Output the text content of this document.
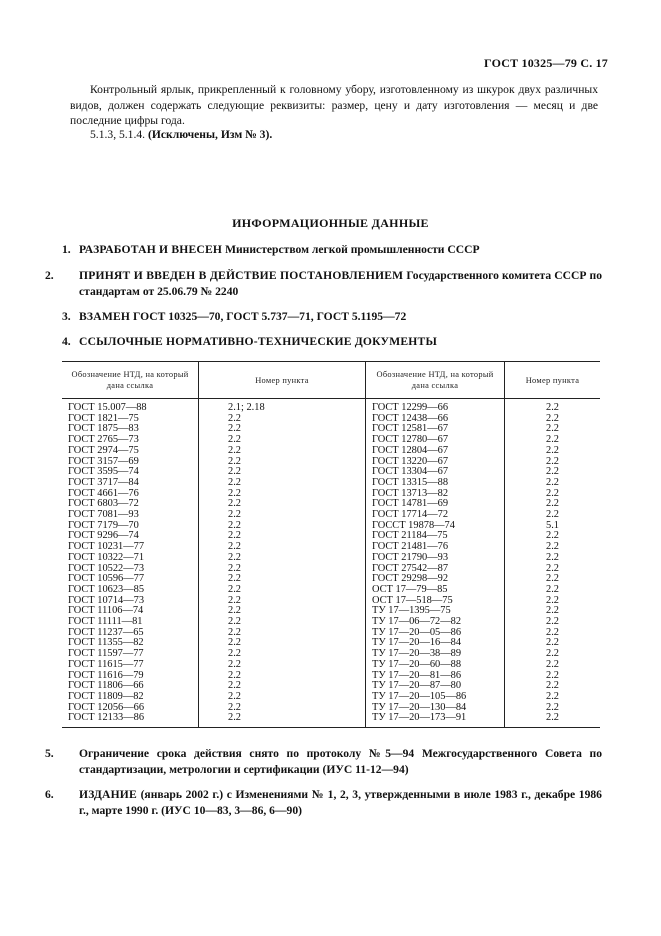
ГОСТ 10325—79 С. 17
Контрольный ярлык, прикрепленный к головному убору, изготовленному из шкурок двух различных видов, должен содержать следующие реквизиты: размер, цену и дату изготовления — месяц и две последние цифры года.
5.1.3, 5.1.4. (Исключены, Изм № 3).
ИНФОРМАЦИОННЫЕ ДАННЫЕ
1. РАЗРАБОТАН И ВНЕСЕН Министерством легкой промышленности СССР
2. ПРИНЯТ И ВВЕДЕН В ДЕЙСТВИЕ ПОСТАНОВЛЕНИЕМ Государственного комитета СССР по стандартам от 25.06.79 № 2240
3. ВЗАМЕН ГОСТ 10325—70, ГОСТ 5.737—71, ГОСТ 5.1195—72
4. ССЫЛОЧНЫЕ НОРМАТИВНО-ТЕХНИЧЕСКИЕ ДОКУМЕНТЫ
Обозначение НТД, на который дана ссылка	Номер пункта	Обозначение НТД, на который дана ссылка	Номер пункта
ГОСТ 15.007—88	2.1; 2.18	ГОСТ 12299—66	2.2
ГОСТ 1821—75	2.2	ГОСТ 12438—66	2.2
ГОСТ 1875—83	2.2	ГОСТ 12581—67	2.2
ГОСТ 2765—73	2.2	ГОСТ 12780—67	2.2
ГОСТ 2974—75	2.2	ГОСТ 12804—67	2.2
ГОСТ 3157—69	2.2	ГОСТ 13220—67	2.2
ГОСТ 3595—74	2.2	ГОСТ 13304—67	2.2
ГОСТ 3717—84	2.2	ГОСТ 13315—88	2.2
ГОСТ 4661—76	2.2	ГОСТ 13713—82	2.2
ГОСТ 6803—72	2.2	ГОСТ 14781—69	2.2
ГОСТ 7081—93	2.2	ГОСТ 17714—72	2.2
ГОСТ 7179—70	2.2	ГОССТ 19878—74	5.1
ГОСТ 9296—74	2.2	ГОСТ 21184—75	2.2
ГОСТ 10231—77	2.2	ГОСТ 21481—76	2.2
ГОСТ 10322—71	2.2	ГОСТ 21790—93	2.2
ГОСТ 10522—73	2.2	ГОСТ 27542—87	2.2
ГОСТ 10596—77	2.2	ГОСТ 29298—92	2.2
ГОСТ 10623—85	2.2	ОСТ 17—79—85	2.2
ГОСТ 10714—73	2.2	ОСТ 17—518—75	2.2
ГОСТ 11106—74	2.2	ТУ 17—1395—75	2.2
ГОСТ 11111—81	2.2	ТУ 17—06—72—82	2.2
ГОСТ 11237—65	2.2	ТУ 17—20—05—86	2.2
ГОСТ 11355—82	2.2	ТУ 17—20—16—84	2.2
ГОСТ 11597—77	2.2	ТУ 17—20—38—89	2.2
ГОСТ 11615—77	2.2	ТУ 17—20—60—88	2.2
ГОСТ 11616—79	2.2	ТУ 17—20—81—86	2.2
ГОСТ 11806—66	2.2	ТУ 17—20—87—80	2.2
ГОСТ 11809—82	2.2	ТУ 17—20—105—86	2.2
ГОСТ 12056—66	2.2	ТУ 17—20—130—84	2.2
ГОСТ 12133—86	2.2	ТУ 17—20—173—91	2.2
5. Ограничение срока действия снято по протоколу №5—94 Межгосударственного Совета по стандартизации, метрологии и сертификации (ИУС 11-12—94)
6. ИЗДАНИЕ (январь 2002 г.) с Изменениями № 1, 2, 3, утвержденными в июле 1983 г., декабре 1986 г., марте 1990 г. (ИУС 10—83, 3—86, 6—90)
